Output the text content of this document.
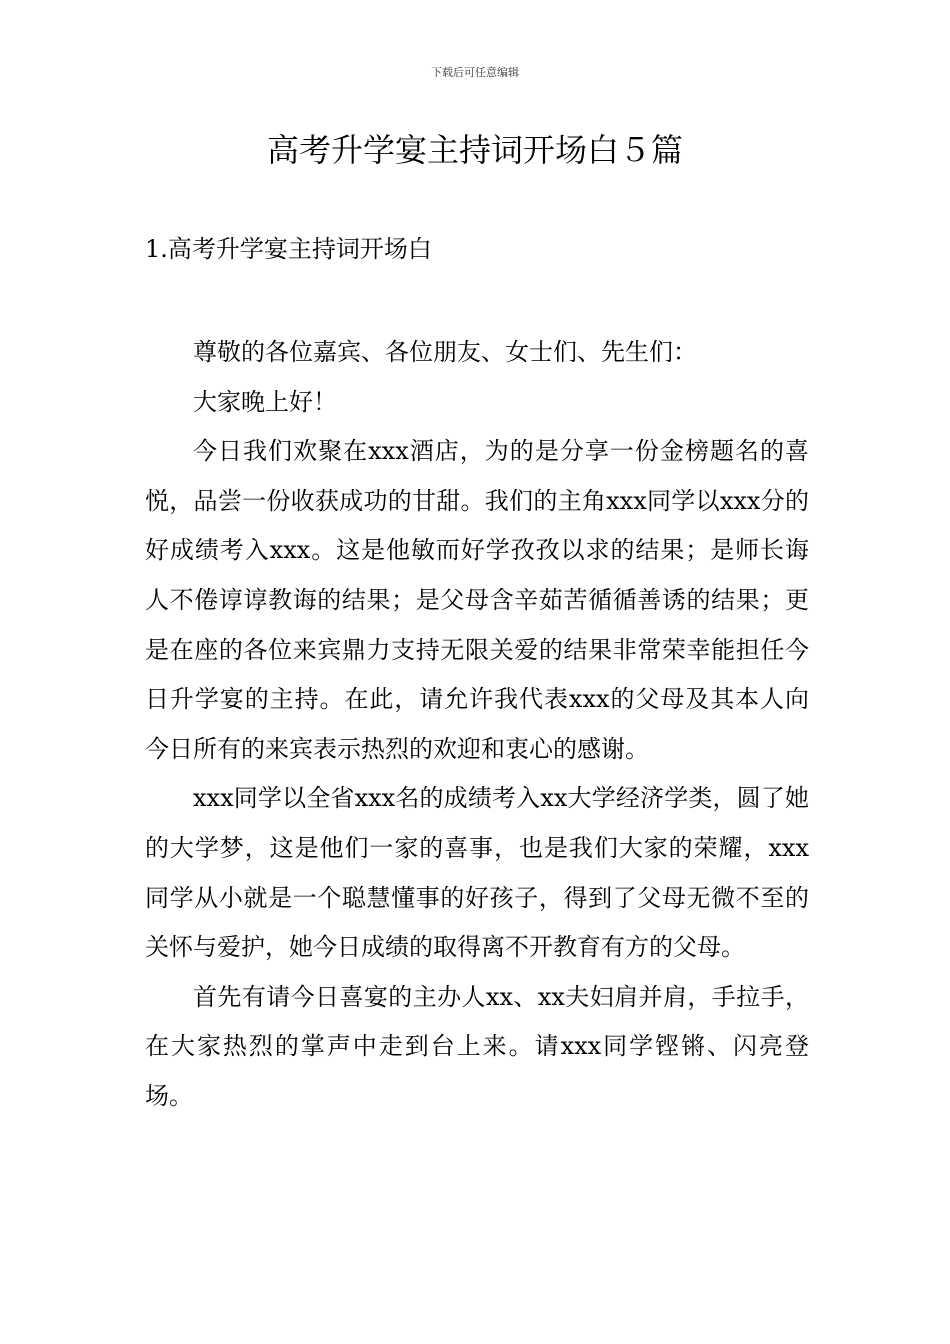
下载后可任意编辑
高考升学宴主持词开场白５篇
1.高考升学宴主持词开场白

尊敬的各位嘉宾、各位朋友、女士们、先生们：

大家晚上好！

今日我们欢聚在xxx酒店，为的是分享一份金榜题名的喜悦，品尝一份收获成功的甘甜。我们的主角xxx同学以xxx分的好成绩考入xxx。这是他敏而好学孜孜以求的结果；是师长诲人不倦谆谆教诲的结果；是父母含辛茹苦循循善诱的结果；更是在座的各位来宾鼎力支持无限关爱的结果非常荣幸能担任今日升学宴的主持。在此，请允许我代表xxx的父母及其本人向今日所有的来宾表示热烈的欢迎和衷心的感谢。

xxx同学以全省xxx名的成绩考入xx大学经济学类，圆了她的大学梦，这是他们一家的喜事，也是我们大家的荣耀，xxx同学从小就是一个聪慧懂事的好孩子，得到了父母无微不至的关怀与爱护，她今日成绩的取得离不开教育有方的父母。

首先有请今日喜宴的主办人xx、xx夫妇肩并肩，手拉手，在大家热烈的掌声中走到台上来。请xxx同学铿锵、闪亮登场。
